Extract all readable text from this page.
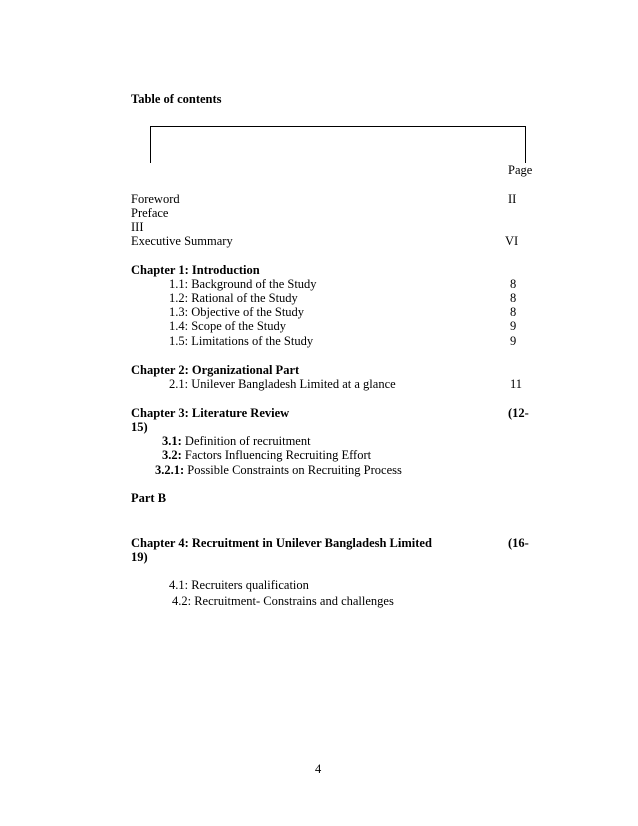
Table of contents
Page
Foreword	II
Preface
III
Executive Summary	VI
Chapter 1: Introduction
1.1: Background of the Study	8
1.2: Rational of the Study	8
1.3: Objective of the Study	8
1.4: Scope of the Study	9
1.5: Limitations of the Study	9
Chapter 2: Organizational Part
2.1: Unilever Bangladesh Limited at a glance	11
Chapter 3: Literature Review	(12-
15)
3.1: Definition of recruitment
3.2: Factors Influencing Recruiting Effort
3.2.1: Possible Constraints on Recruiting Process
Part B
Chapter 4: Recruitment in Unilever Bangladesh Limited	(16-
19)
4.1: Recruiters qualification
4.2: Recruitment- Constrains and challenges
4
